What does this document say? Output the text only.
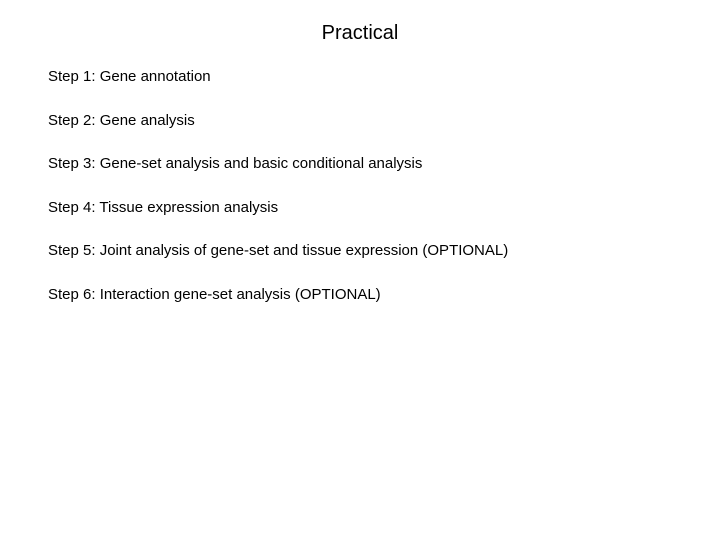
Practical
Step 1: Gene annotation
Step 2: Gene analysis
Step 3: Gene-set analysis and basic conditional analysis
Step 4: Tissue expression analysis
Step 5: Joint analysis of gene-set and tissue expression (OPTIONAL)
Step 6: Interaction gene-set analysis (OPTIONAL)
